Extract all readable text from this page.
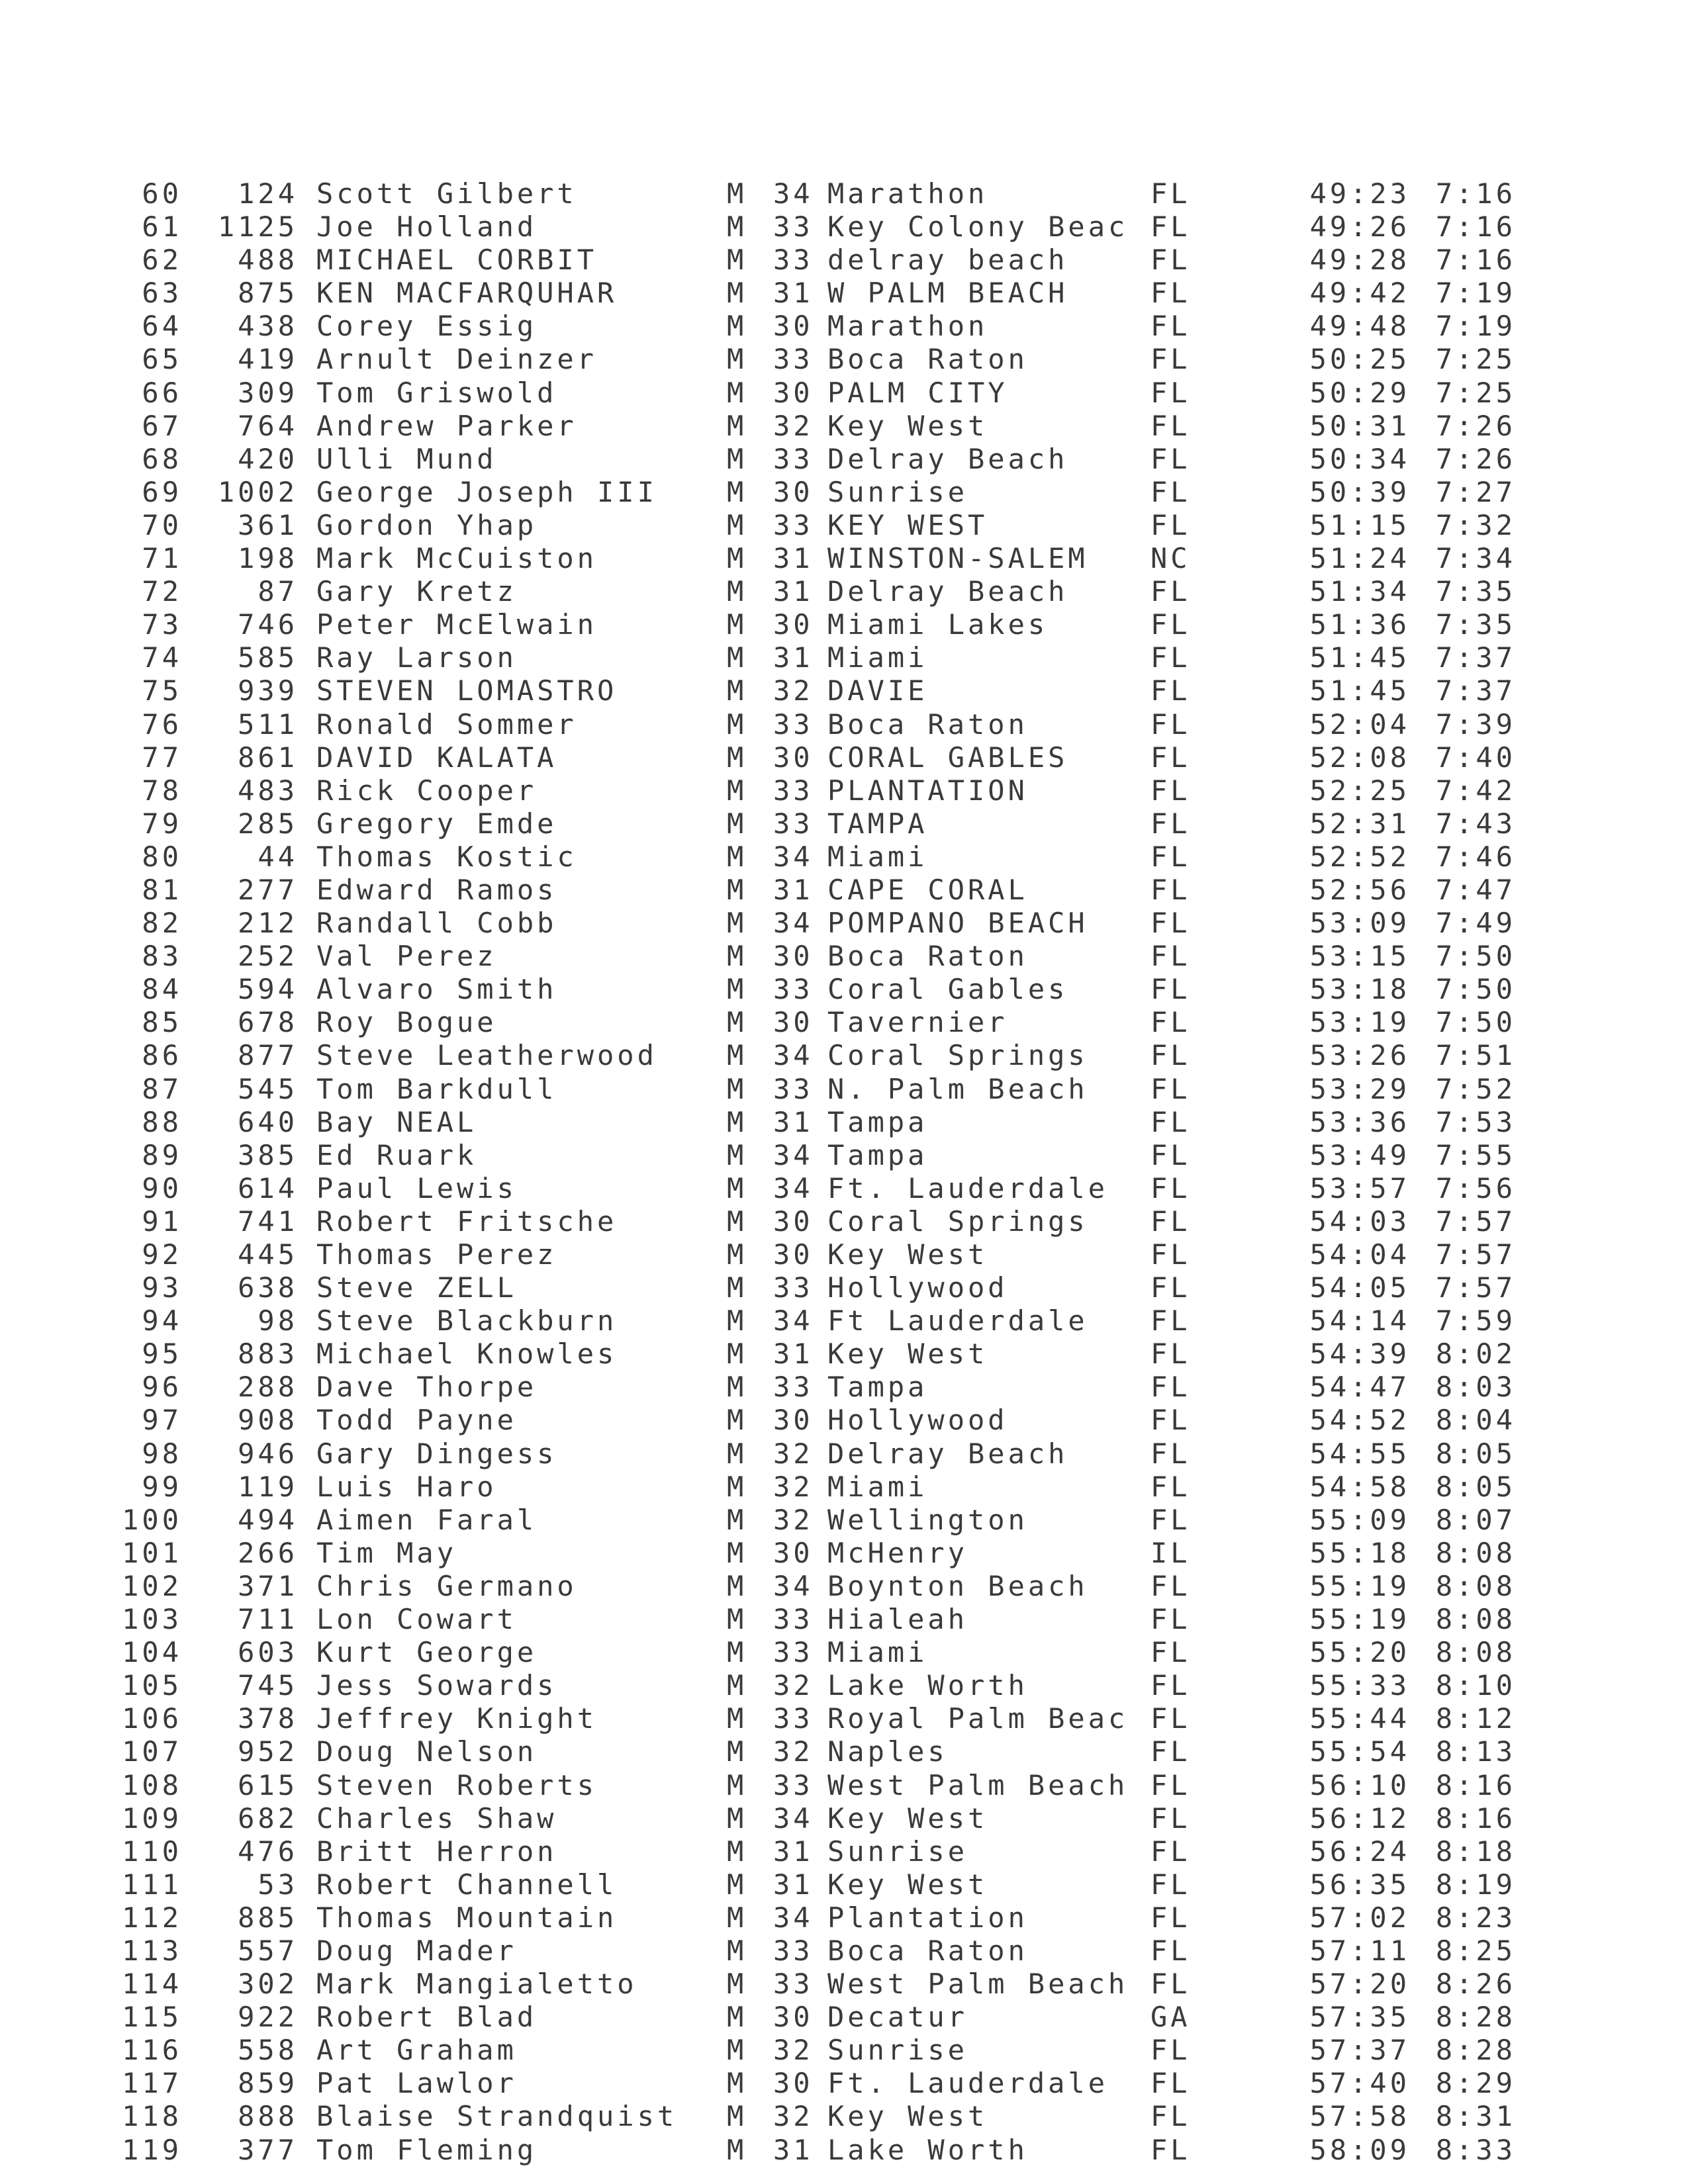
60	124 Scott Gilbert	M 34 Marathon	FL	49:23 7:16
61	1125 Joe Holland	M 33 Key Colony Beac FL	49:26 7:16
62	488 MICHAEL CORBIT	M 33 delray beach	FL	49:28 7:16
63	875 KEN MACFARQUHAR	M 31 W PALM BEACH	FL	49:42 7:19
64	438 Corey Essig	M 30 Marathon	FL	49:48 7:19
65	419 Arnult Deinzer	M 33 Boca Raton	FL	50:25 7:25
66	309 Tom Griswold	M 30 PALM CITY	FL	50:29 7:25
67	764 Andrew Parker	M 32 Key West	FL	50:31 7:26
68	420 Ulli Mund	M 33 Delray Beach	FL	50:34 7:26
69	1002 George Joseph III	M 30 Sunrise	FL	50:39 7:27
70	361 Gordon Yhap	M 33 KEY WEST	FL	51:15 7:32
71	198 Mark McCuiston	M 31 WINSTON-SALEM NC	51:24 7:34
72	87 Gary Kretz	M 31 Delray Beach	FL	51:34 7:35
73	746 Peter McElwain	M 30 Miami Lakes	FL	51:36 7:35
74	585 Ray Larson	M 31 Miami	FL	51:45 7:37
75	939 STEVEN LOMASTRO	M 32 DAVIE	FL	51:45 7:37
76	511 Ronald Sommer	M 33 Boca Raton	FL	52:04 7:39
77	861 DAVID KALATA	M 30 CORAL GABLES	FL	52:08 7:40
78	483 Rick Cooper	M 33 PLANTATION	FL	52:25 7:42
79	285 Gregory Emde	M 33 TAMPA	FL	52:31 7:43
80	44 Thomas Kostic	M 34 Miami	FL	52:52 7:46
81	277 Edward Ramos	M 31 CAPE CORAL	FL	52:56 7:47
82	212 Randall Cobb	M 34 POMPANO BEACH FL	53:09 7:49
83	252 Val Perez	M 30 Boca Raton	FL	53:15 7:50
84	594 Alvaro Smith	M 33 Coral Gables	FL	53:18 7:50
85	678 Roy Bogue	M 30 Tavernier	FL	53:19 7:50
86	877 Steve Leatherwood	M 34 Coral Springs FL	53:26 7:51
87	545 Tom Barkdull	M 33 N. Palm Beach FL	53:29 7:52
88	640 Bay NEAL	M 31 Tampa	FL	53:36 7:53
89	385 Ed Ruark	M 34 Tampa	FL	53:49 7:55
90	614 Paul Lewis	M 34 Ft. Lauderdale FL	53:57 7:56
91	741 Robert Fritsche	M 30 Coral Springs FL	54:03 7:57
92	445 Thomas Perez	M 30 Key West	FL	54:04 7:57
93	638 Steve ZELL	M 33 Hollywood	FL	54:05 7:57
94	98 Steve Blackburn	M 34 Ft Lauderdale FL	54:14 7:59
95	883 Michael Knowles	M 31 Key West	FL	54:39 8:02
96	288 Dave Thorpe	M 33 Tampa	FL	54:47 8:03
97	908 Todd Payne	M 30 Hollywood	FL	54:52 8:04
98	946 Gary Dingess	M 32 Delray Beach	FL	54:55 8:05
99	119 Luis Haro	M 32 Miami	FL	54:58 8:05
100	494 Aimen Faral	M 32 Wellington	FL	55:09 8:07
101	266 Tim May	M 30 McHenry	IL	55:18 8:08
102	371 Chris Germano	M 34 Boynton Beach FL	55:19 8:08
103	711 Lon Cowart	M 33 Hialeah	FL	55:19 8:08
104	603 Kurt George	M 33 Miami	FL	55:20 8:08
105	745 Jess Sowards	M 32 Lake Worth	FL	55:33 8:10
106	378 Jeffrey Knight	M 33 Royal Palm Beac FL	55:44 8:12
107	952 Doug Nelson	M 32 Naples	FL	55:54 8:13
108	615 Steven Roberts	M 33 West Palm Beach FL	56:10 8:16
109	682 Charles Shaw	M 34 Key West	FL	56:12 8:16
110	476 Britt Herron	M 31 Sunrise	FL	56:24 8:18
111	53 Robert Channell	M 31 Key West	FL	56:35 8:19
112	885 Thomas Mountain	M 34 Plantation	FL	57:02 8:23
113	557 Doug Mader	M 33 Boca Raton	FL	57:11 8:25
114	302 Mark Mangialetto	M 33 West Palm Beach FL	57:20 8:26
115	922 Robert Blad	M 30 Decatur	GA	57:35 8:28
116	558 Art Graham	M 32 Sunrise	FL	57:37 8:28
117	859 Pat Lawlor	M 30 Ft. Lauderdale FL	57:40 8:29
118	888 Blaise Strandquist M 32 Key West	FL	57:58 8:31
119	377 Tom Fleming	M 31 Lake Worth	FL	58:09 8:33
